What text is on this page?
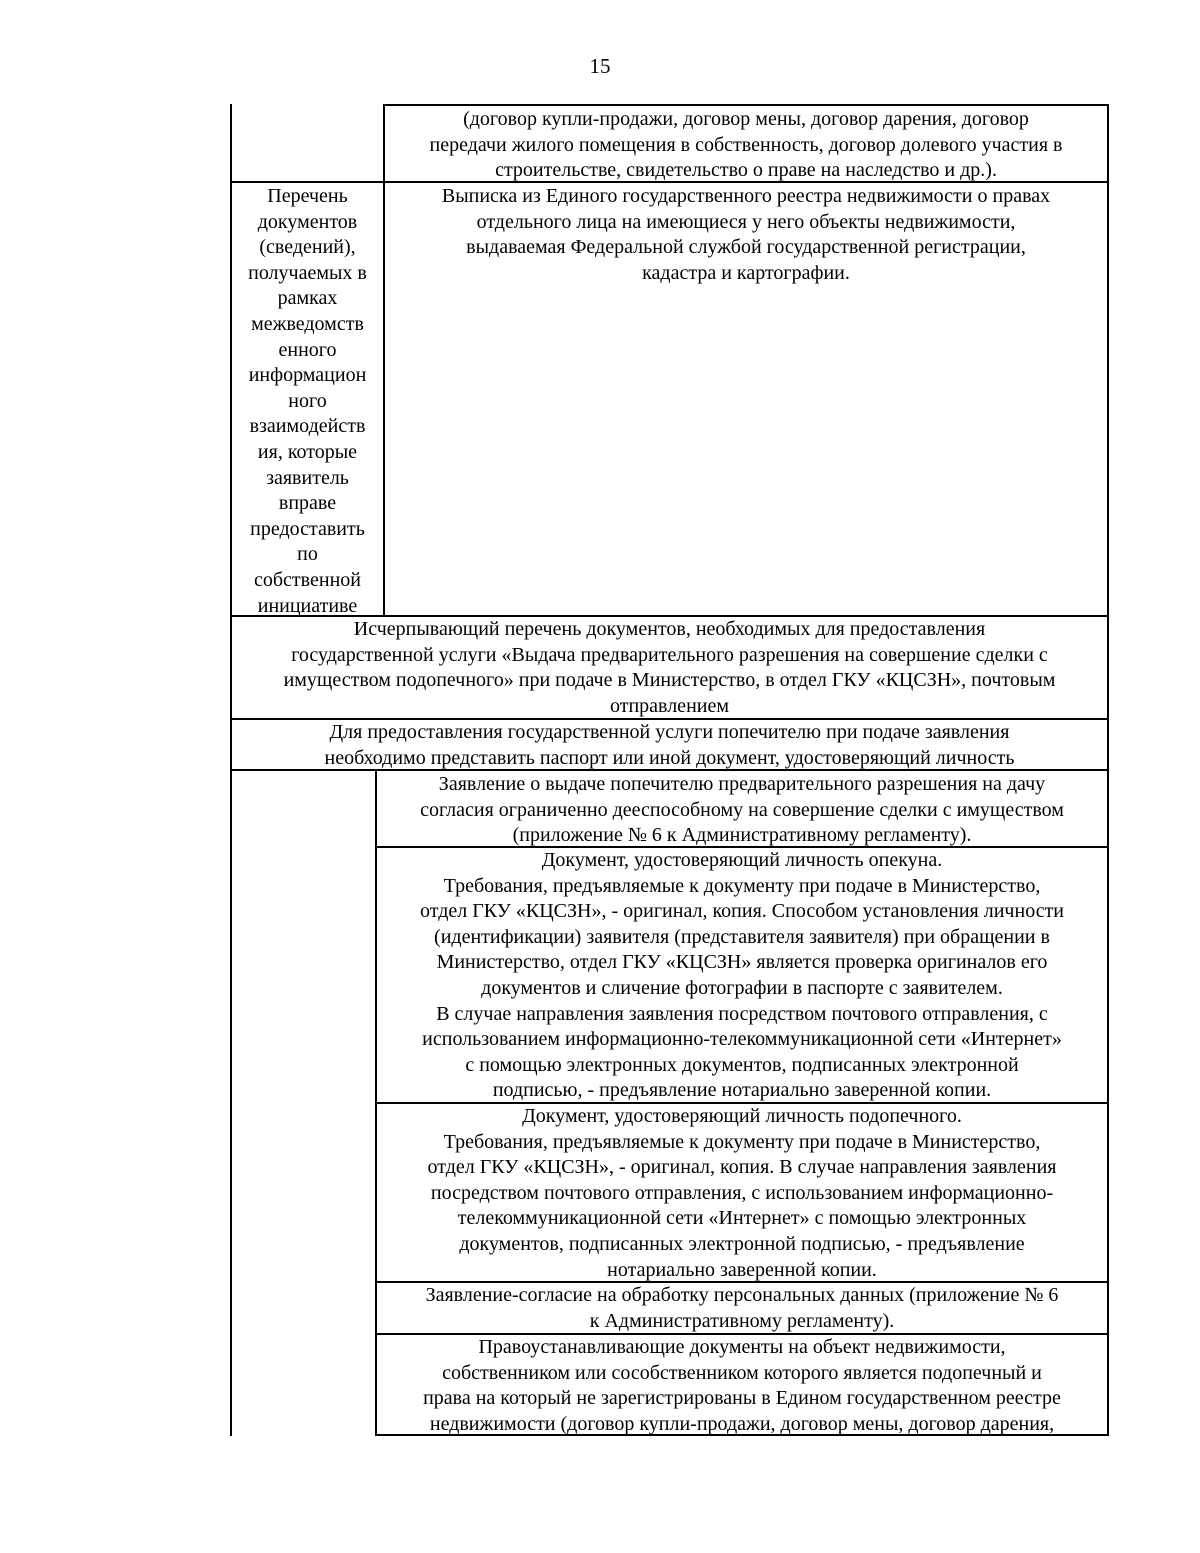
15
(договор купли-продажи, договор мены, договор дарения, договор
передачи жилого помещения в собственность, договор долевого участия в
строительстве, свидетельство о праве на наследство и др.).
Перечень
документов
(сведений),
получаемых в
рамках
межведомств
енного
информацион
ного
взаимодейств
ия, которые
заявитель
вправе
предоставить
по
собственной
инициативе
Выписка из Единого государственного реестра недвижимости о правах
отдельного лица на имеющиеся у него объекты недвижимости,
выдаваемая Федеральной службой государственной регистрации,
кадастра и картографии.
Исчерпывающий перечень документов, необходимых для предоставления
государственной услуги «Выдача предварительного разрешения на совершение сделки с
имуществом подопечного» при подаче в Министерство, в отдел ГКУ «КЦСЗН», почтовым
отправлением
Для предоставления государственной услуги попечителю при подаче заявления
необходимо представить паспорт или иной документ, удостоверяющий личность
Заявление о выдаче попечителю предварительного разрешения на дачу
согласия ограниченно дееспособному на совершение сделки с имуществом
(приложение № 6 к Административному регламенту).
Документ, удостоверяющий личность опекуна.
Требования, предъявляемые к документу при подаче в Министерство,
отдел ГКУ «КЦСЗН», - оригинал, копия. Способом установления личности
(идентификации) заявителя (представителя заявителя) при обращении в
Министерство, отдел ГКУ «КЦСЗН» является проверка оригиналов его
документов и сличение фотографии в паспорте с заявителем.
В случае направления заявления посредством почтового отправления, с
использованием информационно-телекоммуникационной сети «Интернет»
с помощью электронных документов, подписанных электронной
подписью, - предъявление нотариально заверенной копии.
Документ, удостоверяющий личность подопечного.
Требования, предъявляемые к документу при подаче в Министерство,
отдел ГКУ «КЦСЗН», - оригинал, копия. В случае направления заявления
посредством почтового отправления, с использованием информационно-
телекоммуникационной сети «Интернет» с помощью электронных
документов, подписанных электронной подписью, - предъявление
нотариально заверенной копии.
Заявление-согласие на обработку персональных данных (приложение № 6
к Административному регламенту).
Правоустанавливающие документы на объект недвижимости,
собственником или сособственником которого является подопечный и
права на который не зарегистрированы в Едином государственном реестре
недвижимости (договор купли-продажи, договор мены, договор дарения,
